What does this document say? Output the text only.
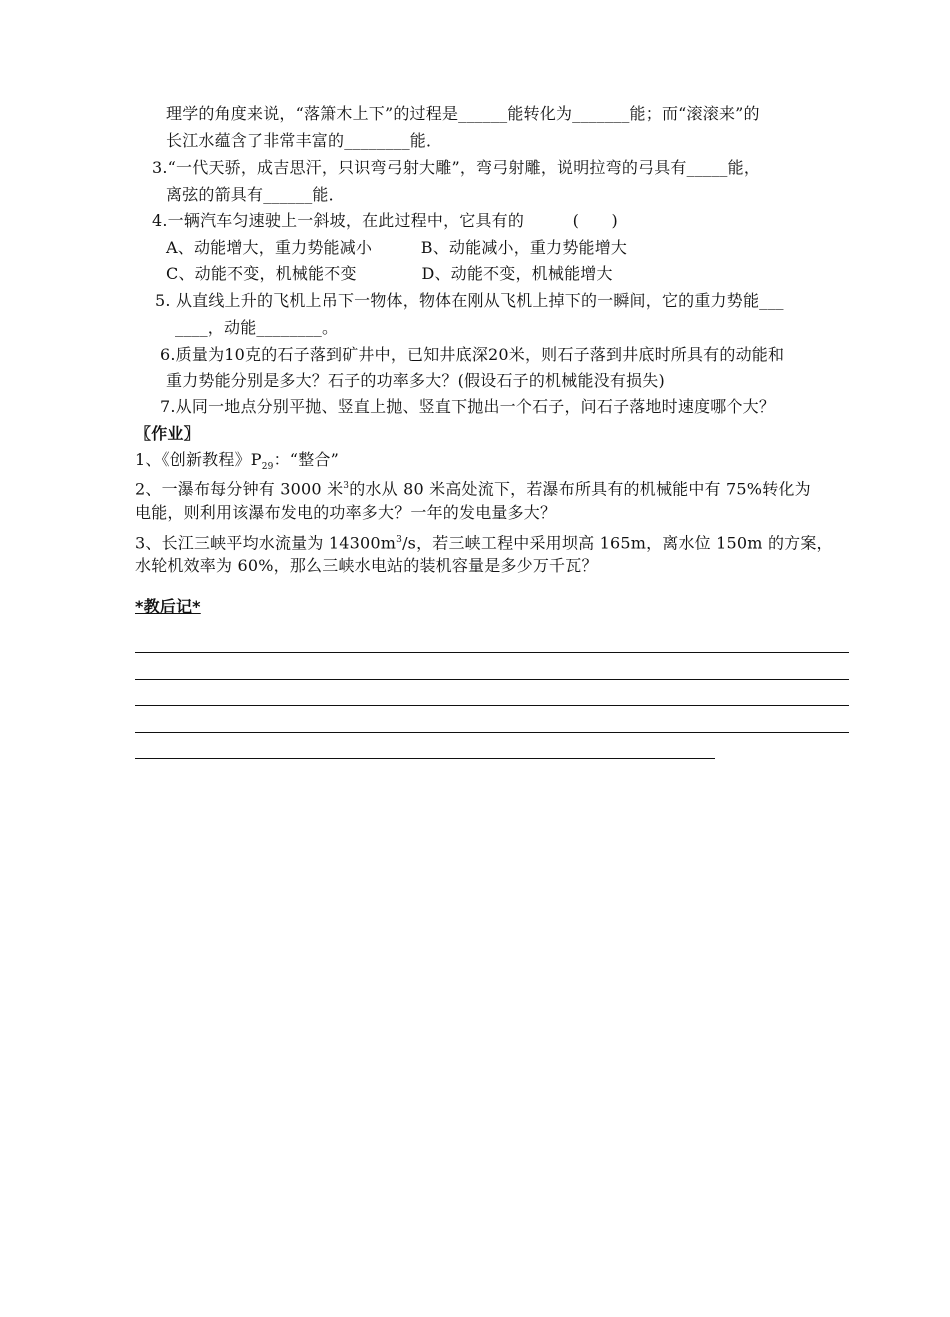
理学的角度来说，“落箫木上下”的过程是______能转化为_______能；而“滚滚来”的
长江水蕴含了非常丰富的________能．
3.“一代天骄，成吉思汗，只识弯弓射大雕”，弯弓射雕，说明拉弯的弓具有_____能，
离弦的箭具有______能．
4.一辆汽车匀速驶上一斜坡，在此过程中，它具有的　　　(　　)
A、动能增大，重力势能减小　　　B、动能减小，重力势能增大
C、动能不变，机械能不变　　　　D、动能不变，机械能增大
5. 从直线上升的飞机上吊下一物体，物体在刚从飞机上掉下的一瞬间，它的重力势能___
____，动能________。
6.质量为10克的石子落到矿井中，已知井底深20米，则石子落到井底时所具有的动能和
重力势能分别是多大？石子的功率多大？(假设石子的机械能没有损失)
7.从同一地点分别平抛、竖直上抛、竖直下抛出一个石子，问石子落地时速度哪个大？
〖作业〗
1、《创新教程》$P_{29}$：“整合”
2、一瀑布每分钟有 3000 米$^3$的水从 80 米高处流下，若瀑布所具有的机械能中有 75%转化为
电能，则利用该瀑布发电的功率多大？一年的发电量多大？
3、长江三峡平均水流量为 $14300m^3/s$，若三峡工程中采用坝高 165m，离水位 150m 的方案，
水轮机效率为 60%，那么三峡水电站的装机容量是多少万千瓦？
*教后记*
